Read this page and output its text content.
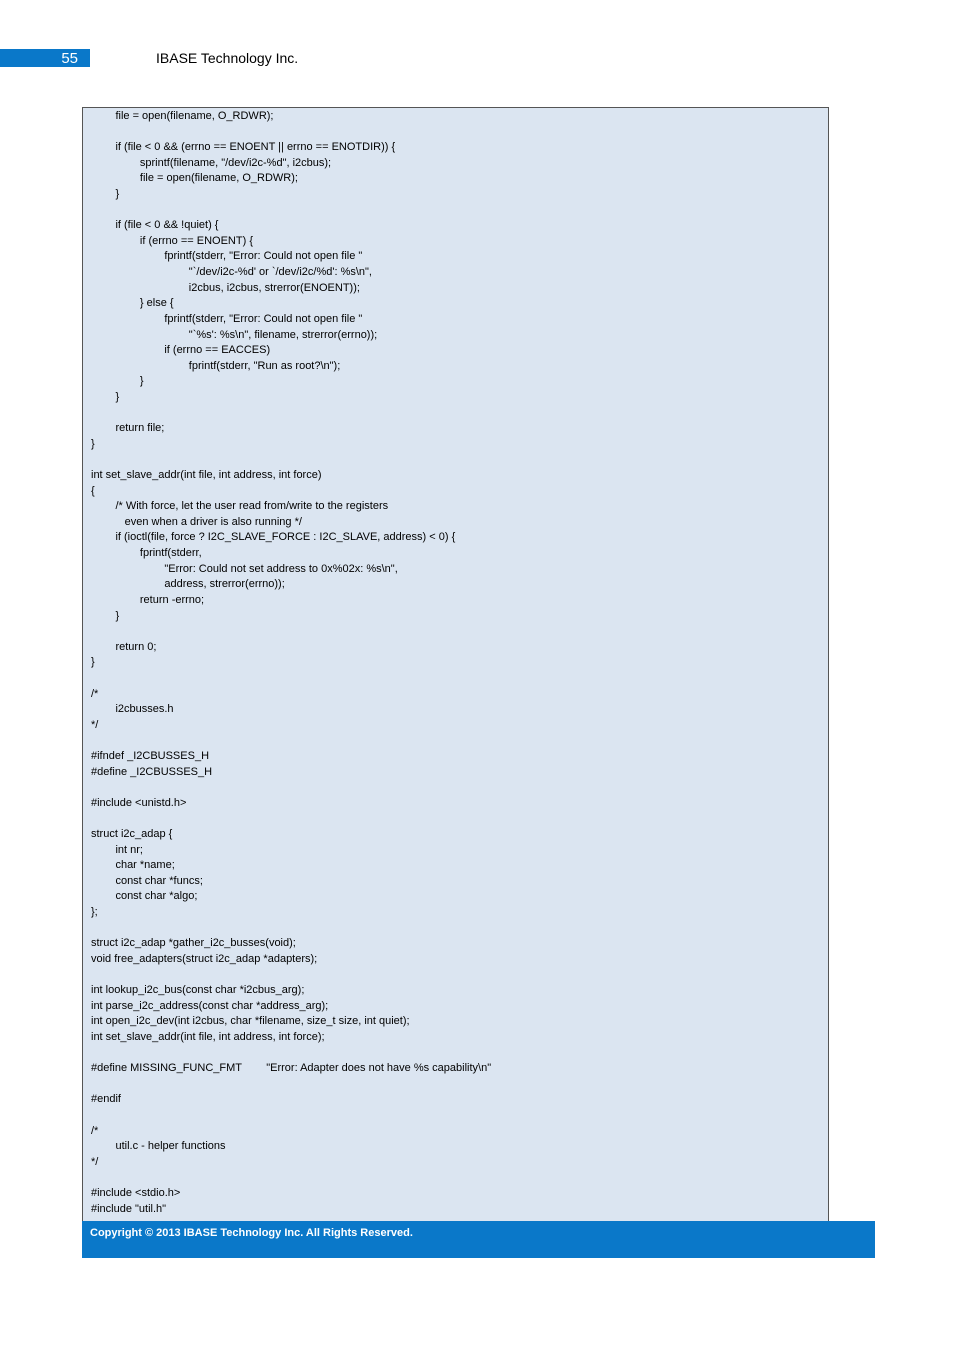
55	IBASE Technology Inc.
file = open(filename, O_RDWR);
if (file < 0 && (errno == ENOENT || errno == ENOTDIR)) {
sprintf(filename, "/dev/i2c-%d", i2cbus);
file = open(filename, O_RDWR);
}
if (file < 0 && !quiet) {
if (errno == ENOENT) {
fprintf(stderr, "Error: Could not open file "
"`/dev/i2c-%d' or `/dev/i2c/%d': %s\n",
i2cbus, i2cbus, strerror(ENOENT));
} else {
fprintf(stderr, "Error: Could not open file "
"`%s': %s\n", filename, strerror(errno));
if (errno == EACCES)
fprintf(stderr, "Run as root?\n");
}
}
return file;
}
int set_slave_addr(int file, int address, int force)
{
/* With force, let the user read from/write to the registers
even when a driver is also running */
if (ioctl(file, force ? I2C_SLAVE_FORCE : I2C_SLAVE, address) < 0) {
fprintf(stderr,
"Error: Could not set address to 0x%02x: %s\n",
address, strerror(errno));
return -errno;
}
return 0;
}
/*
i2cbusses.h
*/
#ifndef _I2CBUSSES_H
#define _I2CBUSSES_H
#include <unistd.h>
struct i2c_adap {
int nr;
char *name;
const char *funcs;
const char *algo;
};
struct i2c_adap *gather_i2c_busses(void);
void free_adapters(struct i2c_adap *adapters);
int lookup_i2c_bus(const char *i2cbus_arg);
int parse_i2c_address(const char *address_arg);
int open_i2c_dev(int i2cbus, char *filename, size_t size, int quiet);
int set_slave_addr(int file, int address, int force);
#define MISSING_FUNC_FMT        "Error: Adapter does not have %s capability\n"
#endif
/*
util.c - helper functions
*/
#include <stdio.h>
#include "util.h"
Copyright © 2013 IBASE Technology Inc. All Rights Reserved.
